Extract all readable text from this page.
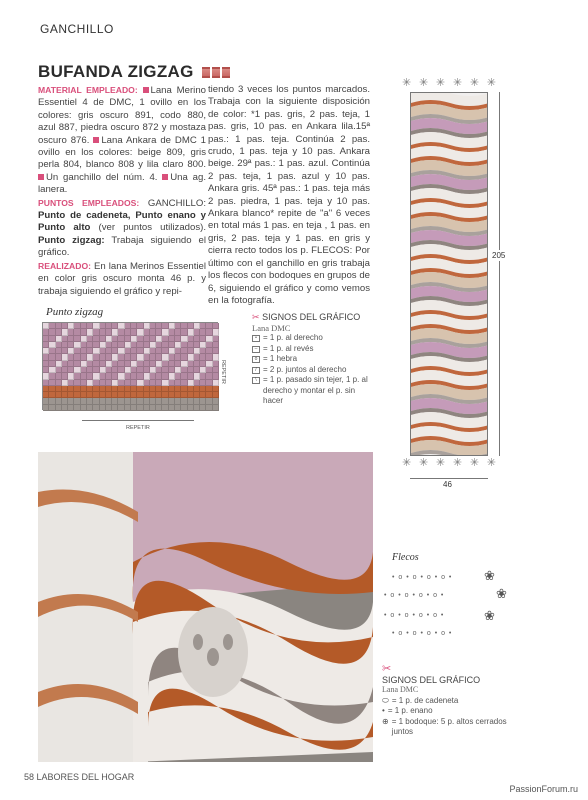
GANCHILLO
BUFANDA ZIGZAG
MATERIAL EMPLEADO: Lana Merino Essentiel 4 de DMC, 1 ovillo en los colores: gris oscuro 891, codo 880, azul 887, piedra oscuro 872 y mostaza oscuro 876. Lana Ankara de DMC 1 ovillo en los colores: beige 809, gris perla 804, blanco 808 y lila claro 800. Un ganchillo del núm. 4. Una ag. lanera.
PUNTOS EMPLEADOS: GANCHILLO: Punto de cadeneta, Punto enano y Punto alto (ver puntos utilizados). Punto zigzag: Trabaja siguiendo el gráfico.
REALIZADO: En lana Merinos Essentiel en color gris oscuro monta 46 p. y trabaja siguiendo el gráfico y repi-
tiendo 3 veces los puntos marcados. Trabaja con la siguiente disposición de color: *1 pas. gris, 2 pas. teja, 1 pas. gris, 10 pas. en Ankara lila.15ª pas.: 1 pas. teja. Continúa 2 pas. crudo, 1 pas. teja y 10 pas. Ankara beige. 29ª pas.: 1 pas. azul. Continúa 2 pas. teja, 1 pas. azul y 10 pas. Ankara gris. 45ª pas.: 1 pas. teja más 2 pas. piedra, 1 pas. teja y 10 pas. Ankara blanco* repite de "a" 6 veces en total más 1 pas. en teja , 1 pas. en gris, 2 pas. teja y 1 pas. en gris y cierra recto todos los p. FLECOS: Por último con el ganchillo en gris trabaja los flecos con bodoques en grupos de 6, siguiendo el gráfico y como vemos en la fotografía.
Punto zigzag
REPETIR
REPETIR
✂ SIGNOS DEL GRÁFICO
Lana DMC
• = 1 p. al derecho
– = 1 p. al revés
o = 1 hebra
/ = 2 p. juntos al derecho
\ = 1 p. pasado sin tejer, 1 p. al derecho y montar el p. sin hacer
✳ ✳ ✳ ✳ ✳ ✳
✳ ✳ ✳ ✳ ✳ ✳
205
46
Flecos
• o • o • o • o • ❀
• o • o • o • o •	❀
• o • o • o • o •	❀
• o • o • o • o •
✂
SIGNOS DEL GRÁFICO
Lana DMC
⬭ = 1 p. de cadeneta
• = 1 p. enano
⊕ = 1 bodoque: 5 p. altos cerrados juntos
58 LABORES DEL HOGAR
PassionForum.ru
